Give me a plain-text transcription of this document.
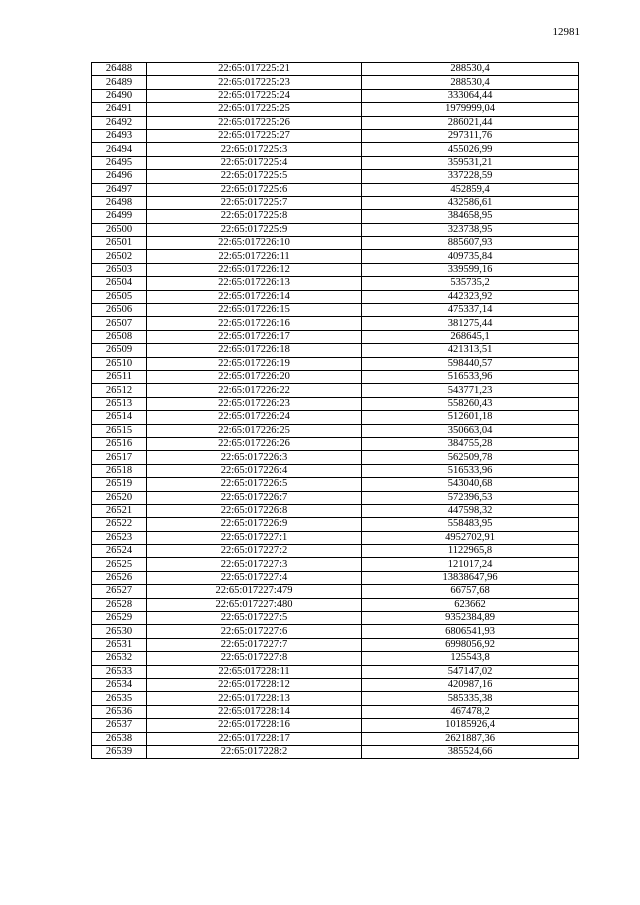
12981
26488	22:65:017225:21	288530,4
26489	22:65:017225:23	288530,4
26490	22:65:017225:24	333064,44
26491	22:65:017225:25	1979999,04
26492	22:65:017225:26	286021,44
26493	22:65:017225:27	297311,76
26494	22:65:017225:3	455026,99
26495	22:65:017225:4	359531,21
26496	22:65:017225:5	337228,59
26497	22:65:017225:6	452859,4
26498	22:65:017225:7	432586,61
26499	22:65:017225:8	384658,95
26500	22:65:017225:9	323738,95
26501	22:65:017226:10	885607,93
26502	22:65:017226:11	409735,84
26503	22:65:017226:12	339599,16
26504	22:65:017226:13	535735,2
26505	22:65:017226:14	442323,92
26506	22:65:017226:15	475337,14
26507	22:65:017226:16	381275,44
26508	22:65:017226:17	268645,1
26509	22:65:017226:18	421313,51
26510	22:65:017226:19	598440,57
26511	22:65:017226:20	516533,96
26512	22:65:017226:22	543771,23
26513	22:65:017226:23	558260,43
26514	22:65:017226:24	512601,18
26515	22:65:017226:25	350663,04
26516	22:65:017226:26	384755,28
26517	22:65:017226:3	562509,78
26518	22:65:017226:4	516533,96
26519	22:65:017226:5	543040,68
26520	22:65:017226:7	572396,53
26521	22:65:017226:8	447598,32
26522	22:65:017226:9	558483,95
26523	22:65:017227:1	4952702,91
26524	22:65:017227:2	1122965,8
26525	22:65:017227:3	121017,24
26526	22:65:017227:4	13838647,96
26527	22:65:017227:479	66757,68
26528	22:65:017227:480	623662
26529	22:65:017227:5	9352384,89
26530	22:65:017227:6	6806541,93
26531	22:65:017227:7	6998056,92
26532	22:65:017227:8	125543,8
26533	22:65:017228:11	547147,02
26534	22:65:017228:12	420987,16
26535	22:65:017228:13	585335,38
26536	22:65:017228:14	467478,2
26537	22:65:017228:16	10185926,4
26538	22:65:017228:17	2621887,36
26539	22:65:017228:2	385524,66
